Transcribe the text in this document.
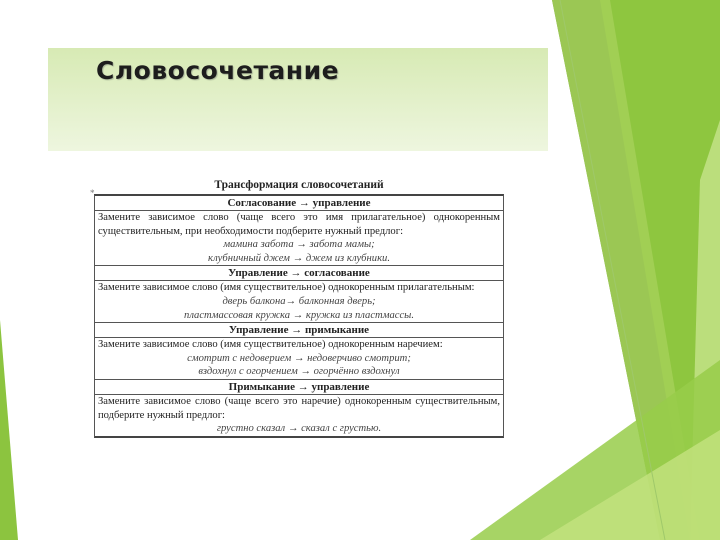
Словосочетание
*
Трансформация словосочетаний
Согласование → управление
Замените зависимое слово (чаще всего это имя прилагательное) однокоренным существительным, при необходимости подберите нужный предлог:
мамина забота → забота мамы;
клубничный джем → джем из клубники.
Управление → согласование
Замените зависимое слово (имя существительное) однокоренным прилагательным:
дверь балкона→ балконная дверь;
пластмассовая кружка → кружка из пластмассы.
Управление → примыкание
Замените зависимое слово (имя существительное) однокоренным наречием:
смотрит с недоверием → недоверчиво смотрит;
вздохнул с огорчением → огорчённо вздохнул
Примыкание → управление
Замените зависимое слово (чаще всего это наречие) однокоренным существительным, подберите нужный предлог:
грустно сказал → сказал с грустью.
